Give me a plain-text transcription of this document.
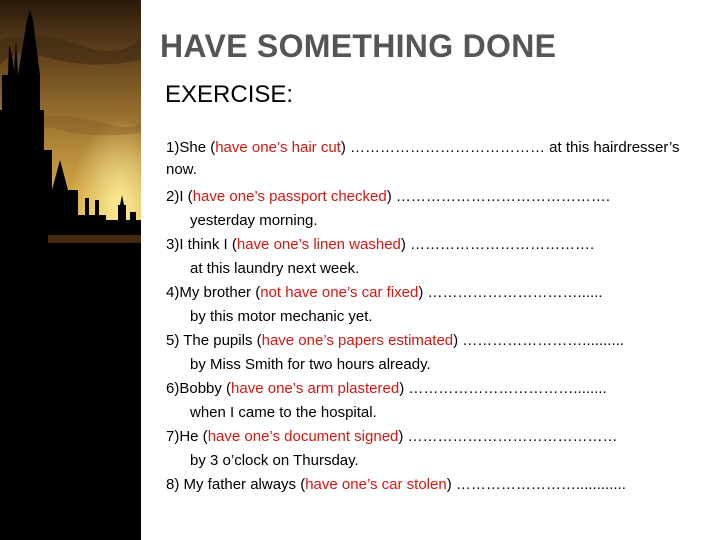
HAVE SOMETHING DONE
EXERCISE:
1)She (have one’s hair cut) ………………………………… at this hairdresser’s now.
2)I (have one’s passport checked) …………………………………….
yesterday morning.
3)I think I (have one’s linen washed) ……………………………….
at this laundry next week.
4)My brother (not have one’s car fixed) …………………………......
by this motor mechanic yet.
5) The pupils (have one’s papers estimated) ……………………..........
by Miss Smith for two hours already.
6)Bobby (have one’s arm plastered) ……………………………........
when I came to the hospital.
7)He (have one’s document signed) ……………………………………
by 3 o’clock on Thursday.
8) My father always (have one’s car stolen) ……………………............
